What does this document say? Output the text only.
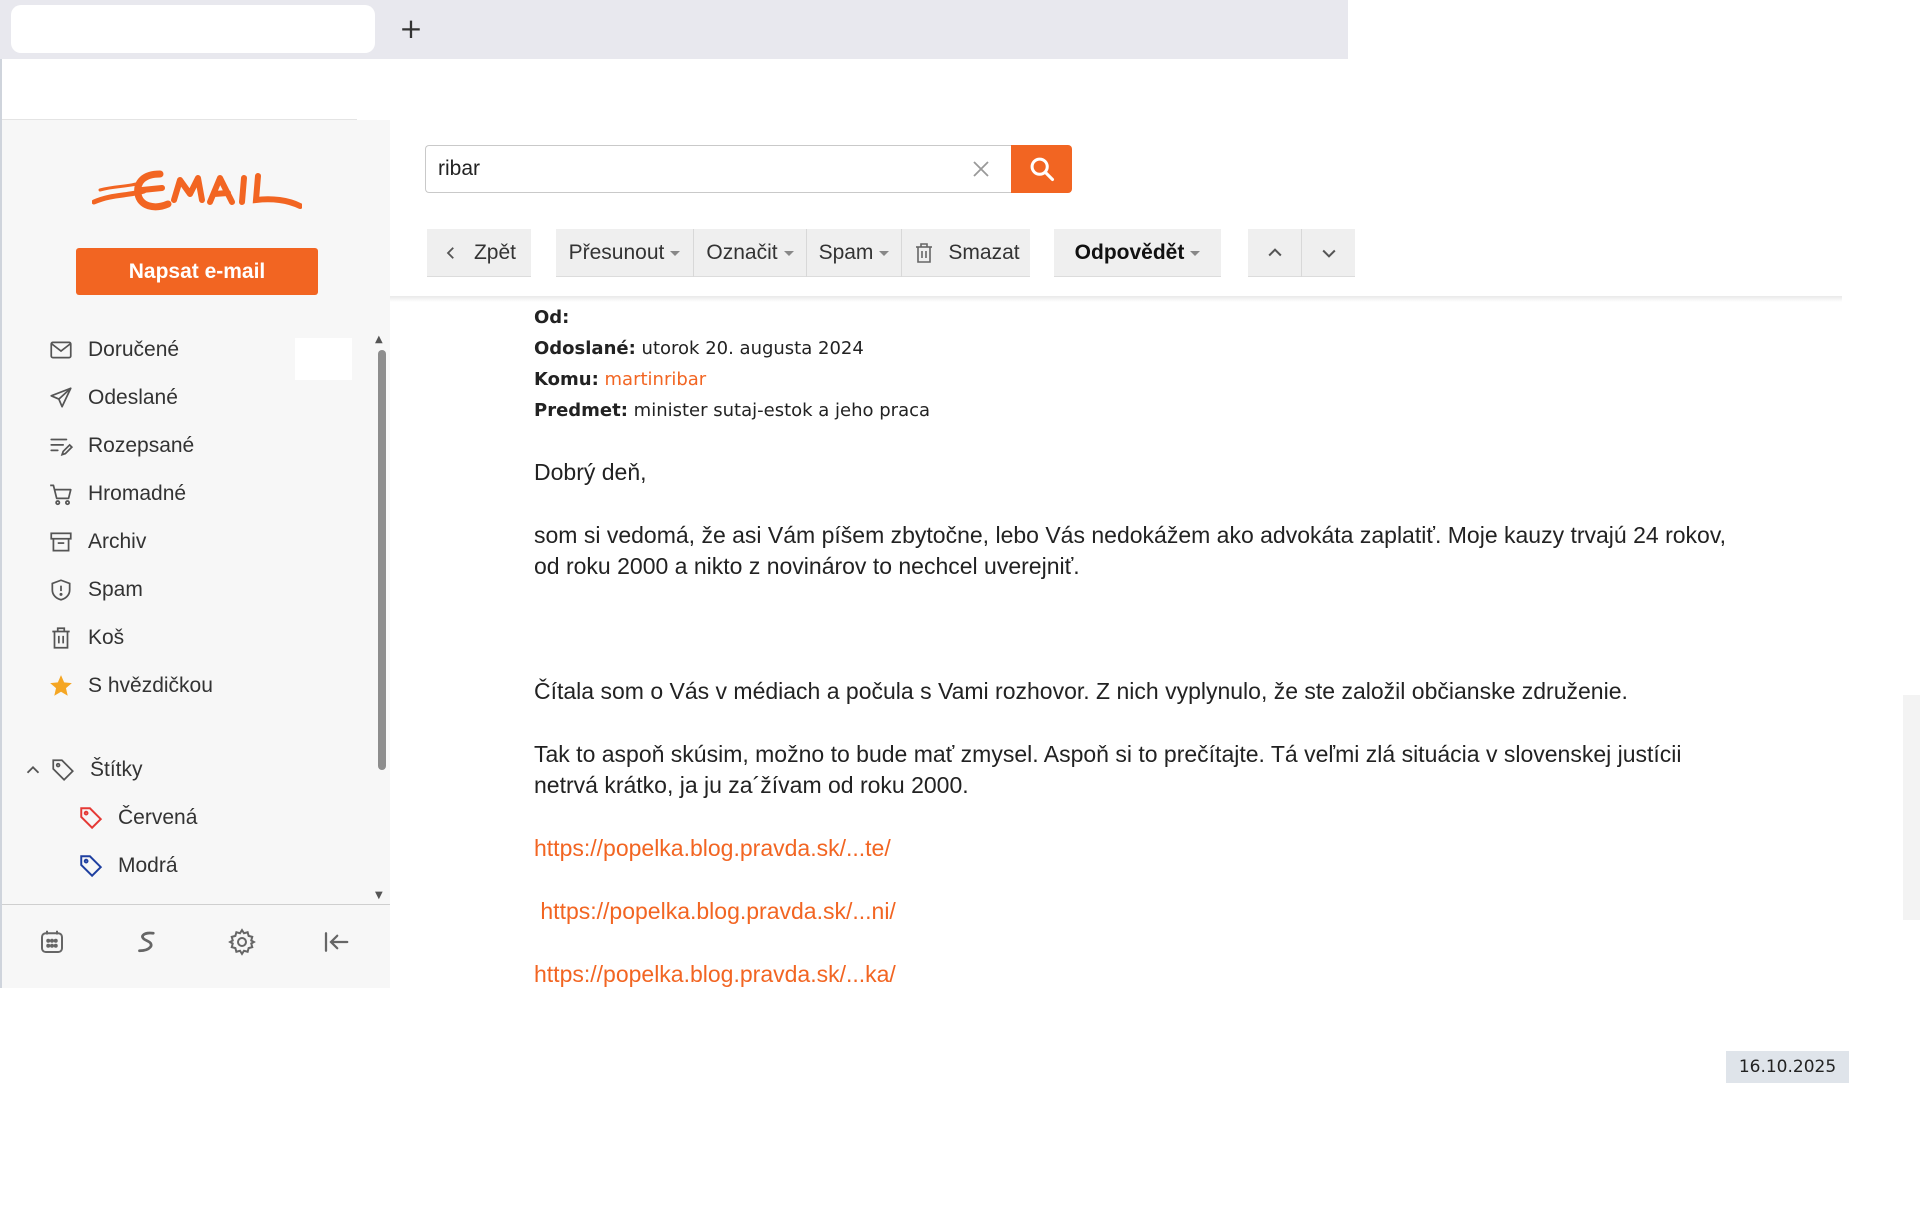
+
Napsat e-mail
Doručené
Odeslané
Rozepsané
Hromadné
Archiv
Spam
Koš
S hvězdičkou
Štítky
Červená
Modrá
▲
▼
ribar
Zpět	Přesunout Označit Spam	Smazat	Odpovědět
Od:
Odoslané: utorok 20. augusta 2024
Komu: martinribar
Predmet: minister sutaj-estok a jeho praca
Dobrý deň,
som si vedomá, že asi Vám píšem zbytočne, lebo Vás nedokážem ako advokáta zaplatiť. Moje kauzy trvajú 24 rokov,
od roku 2000 a nikto z novinárov to nechcel uverejniť.
Čítala som o Vás v médiach a počula s Vami rozhovor. Z nich vyplynulo, že ste založil občianske združenie.
Tak to aspoň skúsim, možno to bude mať zmysel. Aspoň si to prečítajte. Tá veľmi zlá situácia v slovenskej justícii
netrvá krátko, ja ju za´žívam od roku 2000.
https://popelka.blog.pravda.sk/...te/
https://popelka.blog.pravda.sk/...ni/
https://popelka.blog.pravda.sk/...ka/
16.10.2025
